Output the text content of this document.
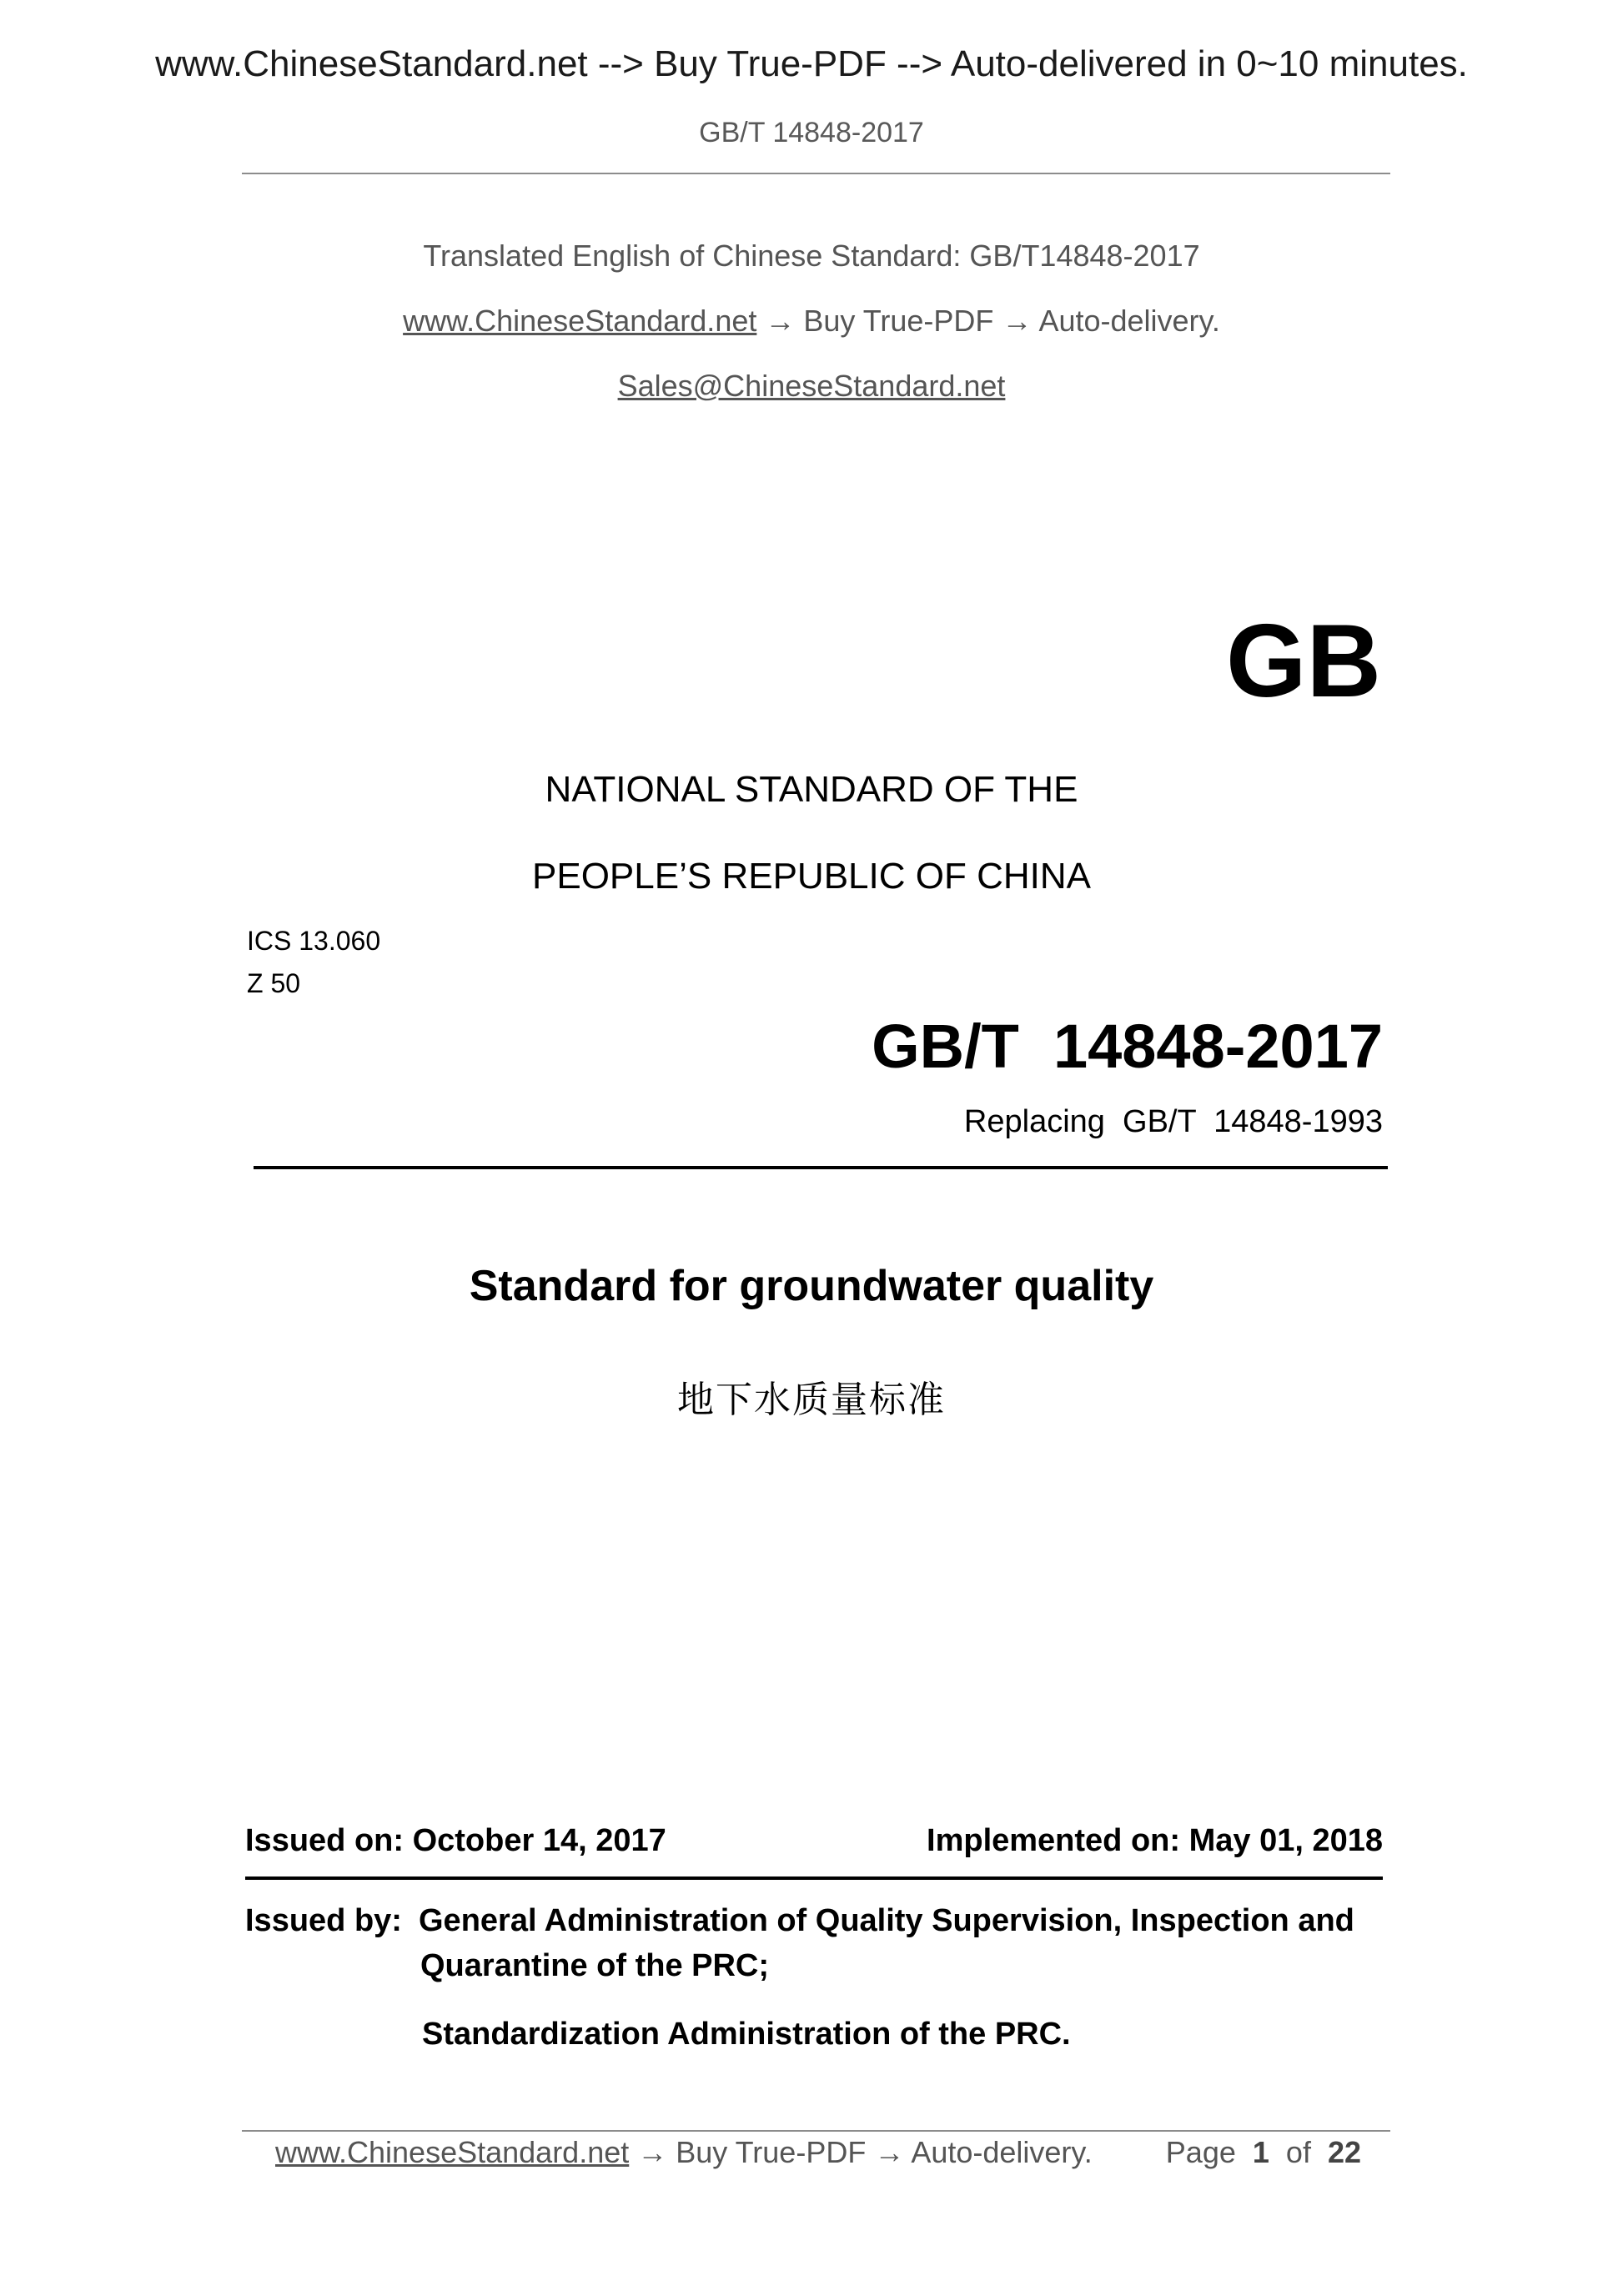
www.ChineseStandard.net --> Buy True-PDF --> Auto-delivered in 0~10 minutes.
GB/T 14848-2017
Translated English of Chinese Standard: GB/T14848-2017
www.ChineseStandard.net → Buy True-PDF → Auto-delivery.
Sales@ChineseStandard.net
GB
NATIONAL STANDARD OF THE
PEOPLE’S REPUBLIC OF CHINA
ICS 13.060
Z 50
GB/T  14848-2017
Replacing  GB/T  14848-1993
Standard for groundwater quality
地下水质量标准
Issued on: October 14, 2017	Implemented on: May 01, 2018
Issued by: General Administration of Quality Supervision, Inspection and
Quarantine of the PRC;
Standardization Administration of the PRC.
www.ChineseStandard.net → Buy True-PDF → Auto-delivery. Page  1  of  22
